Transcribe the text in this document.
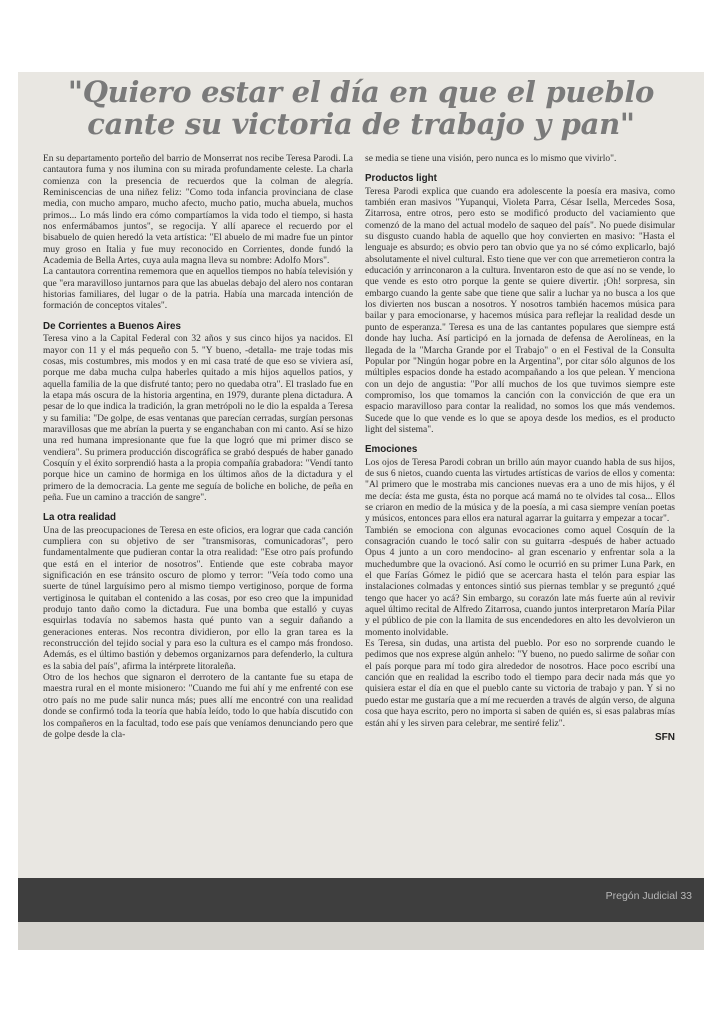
"Quiero estar el día en que el pueblo
cante su victoria de trabajo y pan"

En su departamento porteño del barrio de Monserrat nos recibe Teresa Parodi. La cantautora fuma y nos ilumina con su mirada profundamente celeste. La charla comienza con la presencia de recuerdos que la colman de alegría. Reminiscencias de una niñez feliz: "Como toda infancia provinciana de clase media, con mucho amparo, mucho afecto, mucho patio, mucha abuela, muchos primos... Lo más lindo era cómo compartíamos la vida todo el tiempo, si hasta nos enfermábamos juntos", se regocija. Y allí aparece el recuerdo por el bisabuelo de quien heredó la veta artística: "El abuelo de mi madre fue un pintor muy groso en Italia y fue muy reconocido en Corrientes, donde fundó la Academia de Bella Artes, cuya aula magna lleva su nombre: Adolfo Mors".

La cantautora correntina rememora que en aquellos tiempos no había televisión y que "era maravilloso juntarnos para que las abuelas debajo del alero nos contaran historias familiares, del lugar o de la patria. Había una marcada intención de formación de conceptos vitales".

De Corrientes a Buenos Aires

Teresa vino a la Capital Federal con 32 años y sus cinco hijos ya nacidos. El mayor con 11 y el más pequeño con 5. "Y bueno, -detalla- me traje todas mis cosas, mis costumbres, mis modos y en mi casa traté de que eso se viviera así, porque me daba mucha culpa haberles quitado a mis hijos aquellos patios, y aquella familia de la que disfruté tanto; pero no quedaba otra". El traslado fue en la etapa más oscura de la historia argentina, en 1979, durante plena dictadura. A pesar de lo que indica la tradición, la gran metrópoli no le dio la espalda a Teresa y su familia: "De golpe, de esas ventanas que parecían cerradas, surgían personas maravillosas que me abrían la puerta y se enganchaban con mi canto. Así se hizo una red humana impresionante que fue la que logró que mi primer disco se vendiera". Su primera producción discográfica se grabó después de haber ganado Cosquín y el éxito sorprendió hasta a la propia compañía grabadora: "Vendí tanto porque hice un camino de hormiga en los últimos años de la dictadura y el primero de la democracia. La gente me seguía de boliche en boliche, de peña en peña. Fue un camino a tracción de sangre".

La otra realidad

Una de las preocupaciones de Teresa en este oficios, era lograr que cada canción cumpliera con su objetivo de ser "transmisoras, comunicadoras", pero fundamentalmente que pudieran contar la otra realidad: "Ese otro país profundo que está en el interior de nosotros". Entiende que este cobraba mayor significación en ese tránsito oscuro de plomo y terror: "Veía todo como una suerte de túnel larguísimo pero al mismo tiempo vertiginoso, porque de forma vertiginosa le quitaban el contenido a las cosas, por eso creo que la impunidad produjo tanto daño como la dictadura. Fue una bomba que estalló y cuyas esquirlas todavía no sabemos hasta qué punto van a seguir dañando a generaciones enteras. Nos recontra dividieron, por ello la gran tarea es la reconstrucción del tejido social y para eso la cultura es el campo más frondoso. Además, es el último bastión y debemos organizarnos para defenderlo, la cultura es la sabia del país", afirma la intérprete litoraleña.

Otro de los hechos que signaron el derrotero de la cantante fue su etapa de maestra rural en el monte misionero: "Cuando me fui ahí y me enfrenté con ese otro país no me pude salir nunca más; pues allí me encontré con una realidad donde se confirmó toda la teoría que había leído, todo lo que había discutido con los compañeros en la facultad, todo ese país que veníamos denunciando pero que de golpe desde la cla-

se media se tiene una visión, pero nunca es lo mismo que vivirlo".

Productos light

Teresa Parodi explica que cuando era adolescente la poesía era masiva, como también eran masivos "Yupanqui, Violeta Parra, César Isella, Mercedes Sosa, Zitarrosa, entre otros, pero esto se modificó producto del vaciamiento que comenzó de la mano del actual modelo de saqueo del país". No puede disimular su disgusto cuando habla de aquello que hoy convierten en masivo: "Hasta el lenguaje es absurdo; es obvio pero tan obvio que ya no sé cómo explicarlo, bajó absolutamente el nivel cultural. Esto tiene que ver con que arremetieron contra la educación y arrinconaron a la cultura. Inventaron esto de que así no se vende, lo que vende es esto otro porque la gente se quiere divertir. ¡Oh! sorpresa, sin embargo cuando la gente sabe que tiene que salir a luchar ya no busca a los que los divierten nos buscan a nosotros. Y nosotros también hacemos música para bailar y para emocionarse, y hacemos música para reflejar la realidad desde un punto de esperanza." Teresa es una de las cantantes populares que siempre está donde hay lucha. Así participó en la jornada de defensa de Aerolíneas, en la llegada de la "Marcha Grande por el Trabajo" o en el Festival de la Consulta Popular por "Ningún hogar pobre en la Argentina", por citar sólo algunos de los múltiples espacios donde ha estado acompañando a los que pelean. Y menciona con un dejo de angustia: "Por allí muchos de los que tuvimos siempre este compromiso, los que tomamos la canción con la convicción de que era un espacio maravilloso para contar la realidad, no somos los que más vendemos. Sucede que lo que vende es lo que se apoya desde los medios, es el producto light del sistema".

Emociones

Los ojos de Teresa Parodi cobran un brillo aún mayor cuando habla de sus hijos, de sus 6 nietos, cuando cuenta las virtudes artísticas de varios de ellos y comenta: "Al primero que le mostraba mis canciones nuevas era a uno de mis hijos, y él me decía: ésta me gusta, ésta no porque acá mamá no te olvides tal cosa... Ellos se criaron en medio de la música y de la poesía, a mi casa siempre venían poetas y músicos, entonces para ellos era natural agarrar la guitarra y empezar a tocar".

También se emociona con algunas evocaciones como aquel Cosquín de la consagración cuando le tocó salir con su guitarra -después de haber actuado Opus 4 junto a un coro mendocino- al gran escenario y enfrentar sola a la muchedumbre que la ovacionó. Así como le ocurrió en su primer Luna Park, en el que Farías Gómez le pidió que se acercara hasta el telón para espiar las instalaciones colmadas y entonces sintió sus piernas temblar y se preguntó ¿qué tengo que hacer yo acá? Sin embargo, su corazón late más fuerte aún al revivir aquel último recital de Alfredo Zitarrosa, cuando juntos interpretaron María Pilar y el público de pie con la llamita de sus encendedores en alto les devolvieron un momento inolvidable.

Es Teresa, sin dudas, una artista del pueblo. Por eso no sorprende cuando le pedimos que nos exprese algún anhelo: "Y bueno, no puedo salirme de soñar con el país porque para mí todo gira alrededor de nosotros. Hace poco escribí una canción que en realidad la escribo todo el tiempo para decir nada más que yo quisiera estar el día en que el pueblo cante su victoria de trabajo y pan. Y si no puedo estar me gustaría que a mí me recuerden a través de algún verso, de alguna cosa que haya escrito, pero no importa si saben de quién es, si esas palabras mías están ahí y les sirven para celebrar, me sentiré feliz".

SFN
Pregón Judicial 33
